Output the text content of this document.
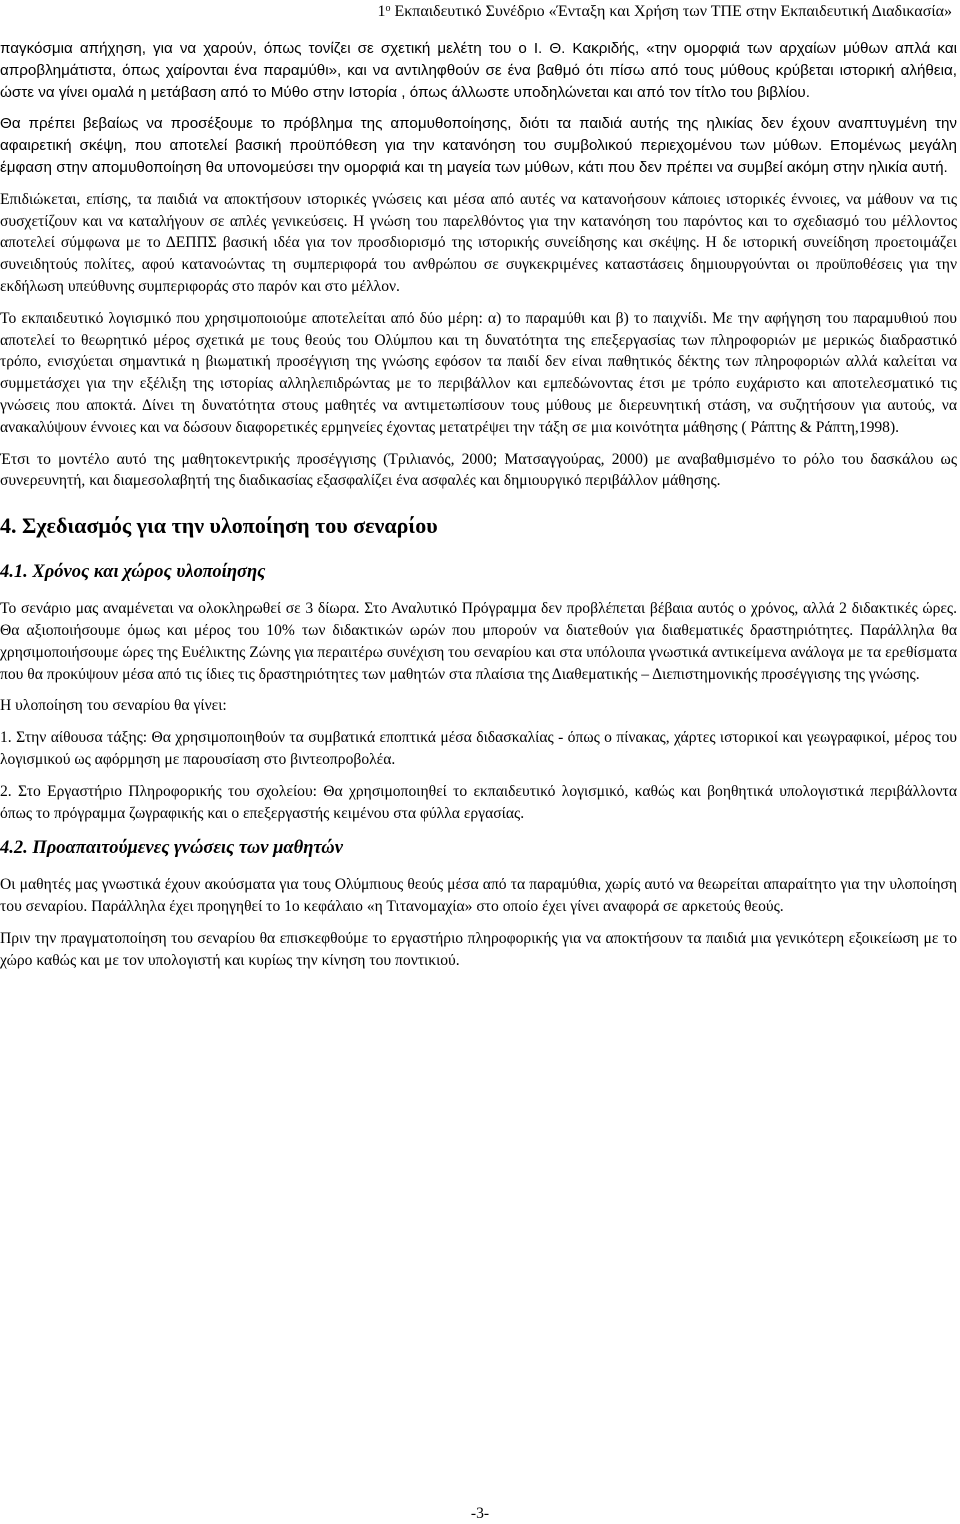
$1^o$ Εκπαιδευτικό Συνέδριο «Ένταξη και Χρήση των ΤΠΕ στην Εκπαιδευτική Διαδικασία»

παγκόσμια απήχηση, για να χαρούν, όπως τονίζει σε σχετική μελέτη του ο Ι. Θ. Κακριδής, «την ομορφιά των αρχαίων μύθων απλά και απροβλημάτιστα, όπως χαίρονται ένα παραμύθι», και να αντιληφθούν σε ένα βαθμό ότι πίσω από τους μύθους κρύβεται ιστορική αλήθεια, ώστε να γίνει ομαλά η μετάβαση από το Μύθο στην Ιστορία , όπως άλλωστε υποδηλώνεται και από τον τίτλο του βιβλίου.

Θα πρέπει βεβαίως να προσέξουμε το πρόβλημα της απομυθοποίησης, διότι τα παιδιά αυτής της ηλικίας δεν έχουν αναπτυγμένη την αφαιρετική σκέψη, που αποτελεί βασική προϋπόθεση για την κατανόηση του συμβολικού περιεχομένου των μύθων. Επομένως μεγάλη έμφαση στην απομυθοποίηση θα υπονομεύσει την ομορφιά και τη μαγεία των μύθων, κάτι που δεν πρέπει να συμβεί ακόμη στην ηλικία αυτή.

Επιδιώκεται, επίσης, τα παιδιά να αποκτήσουν ιστορικές γνώσεις και μέσα από αυτές να κατανοήσουν κάποιες ιστορικές έννοιες, να μάθουν να τις συσχετίζουν και να καταλήγουν σε απλές γενικεύσεις. Η γνώση του παρελθόντος για την κατανόηση του παρόντος και το σχεδιασμό του μέλλοντος αποτελεί σύμφωνα με το ΔΕΠΠΣ βασική ιδέα για τον προσδιορισμό της ιστορικής συνείδησης και σκέψης. Η δε ιστορική συνείδηση προετοιμάζει συνειδητούς πολίτες, αφού κατανοώντας τη συμπεριφορά του ανθρώπου σε συγκεκριμένες καταστάσεις δημιουργούνται οι προϋποθέσεις για την εκδήλωση υπεύθυνης συμπεριφοράς στο παρόν και στο μέλλον.

Το εκπαιδευτικό λογισμικό που χρησιμοποιούμε αποτελείται από δύο μέρη: α) το παραμύθι και β) το παιχνίδι. Με την αφήγηση του παραμυθιού που αποτελεί το θεωρητικό μέρος σχετικά με τους θεούς του Ολύμπου και τη δυνατότητα της επεξεργασίας των πληροφοριών με μερικώς διαδραστικό τρόπο, ενισχύεται σημαντικά η βιωματική προσέγγιση της γνώσης εφόσον τα παιδί δεν είναι παθητικός δέκτης των πληροφοριών αλλά καλείται να συμμετάσχει για την εξέλιξη της ιστορίας αλληλεπιδρώντας με το περιβάλλον και εμπεδώνοντας έτσι με τρόπο ευχάριστο και αποτελεσματικό τις γνώσεις που αποκτά. Δίνει τη δυνατότητα στους μαθητές να αντιμετωπίσουν τους μύθους με διερευνητική στάση, να συζητήσουν για αυτούς, να ανακαλύψουν έννοιες και να δώσουν διαφορετικές ερμηνείες έχοντας μετατρέψει την τάξη σε μια κοινότητα μάθησης ( Ράπτης & Ράπτη,1998).

Έτσι το μοντέλο αυτό της μαθητοκεντρικής προσέγγισης (Τριλιανός, 2000; Ματσαγγούρας, 2000) με αναβαθμισμένο το ρόλο του δασκάλου ως συνερευνητή, και διαμεσολαβητή της διαδικασίας εξασφαλίζει ένα ασφαλές και δημιουργικό περιβάλλον μάθησης.

4. Σχεδιασμός για την υλοποίηση του σεναρίου
4.1. Χρόνος και χώρος υλοποίησης

Το σενάριο μας αναμένεται να ολοκληρωθεί σε 3 δίωρα. Στο Αναλυτικό Πρόγραμμα δεν προβλέπεται βέβαια αυτός ο χρόνος, αλλά 2 διδακτικές ώρες. Θα αξιοποιήσουμε όμως και μέρος του 10% των διδακτικών ωρών που μπορούν να διατεθούν για διαθεματικές δραστηριότητες. Παράλληλα θα χρησιμοποιήσουμε ώρες της Ευέλικτης Ζώνης για περαιτέρω συνέχιση του σεναρίου και στα υπόλοιπα γνωστικά αντικείμενα ανάλογα με τα ερεθίσματα που θα προκύψουν μέσα από τις ίδιες τις δραστηριότητες των μαθητών στα πλαίσια της Διαθεματικής – Διεπιστημονικής προσέγγισης της γνώσης.

Η υλοποίηση του σεναρίου θα γίνει:

1. Στην αίθουσα τάξης: Θα χρησιμοποιηθούν τα συμβατικά εποπτικά μέσα διδασκαλίας - όπως ο πίνακας, χάρτες ιστορικοί και γεωγραφικοί, μέρος του λογισμικού ως αφόρμηση με παρουσίαση στο βιντεοπροβολέα.

2. Στο Εργαστήριο Πληροφορικής του σχολείου: Θα χρησιμοποιηθεί το εκπαιδευτικό λογισμικό, καθώς και βοηθητικά υπολογιστικά περιβάλλοντα όπως το πρόγραμμα ζωγραφικής και ο επεξεργαστής κειμένου στα φύλλα εργασίας.

4.2. Προαπαιτούμενες γνώσεις των μαθητών

Οι μαθητές μας γνωστικά έχουν ακούσματα για τους Ολύμπιους θεούς μέσα από τα παραμύθια, χωρίς αυτό να θεωρείται απαραίτητο για την υλοποίηση του σεναρίου. Παράλληλα έχει προηγηθεί το 1ο κεφάλαιο «η Τιτανομαχία» στο οποίο έχει γίνει αναφορά σε αρκετούς θεούς.

Πριν την πραγματοποίηση του σεναρίου θα επισκεφθούμε το εργαστήριο πληροφορικής για να αποκτήσουν τα παιδιά μια γενικότερη εξοικείωση με το χώρο καθώς και με τον υπολογιστή και κυρίως την κίνηση του ποντικιού.

-3-
